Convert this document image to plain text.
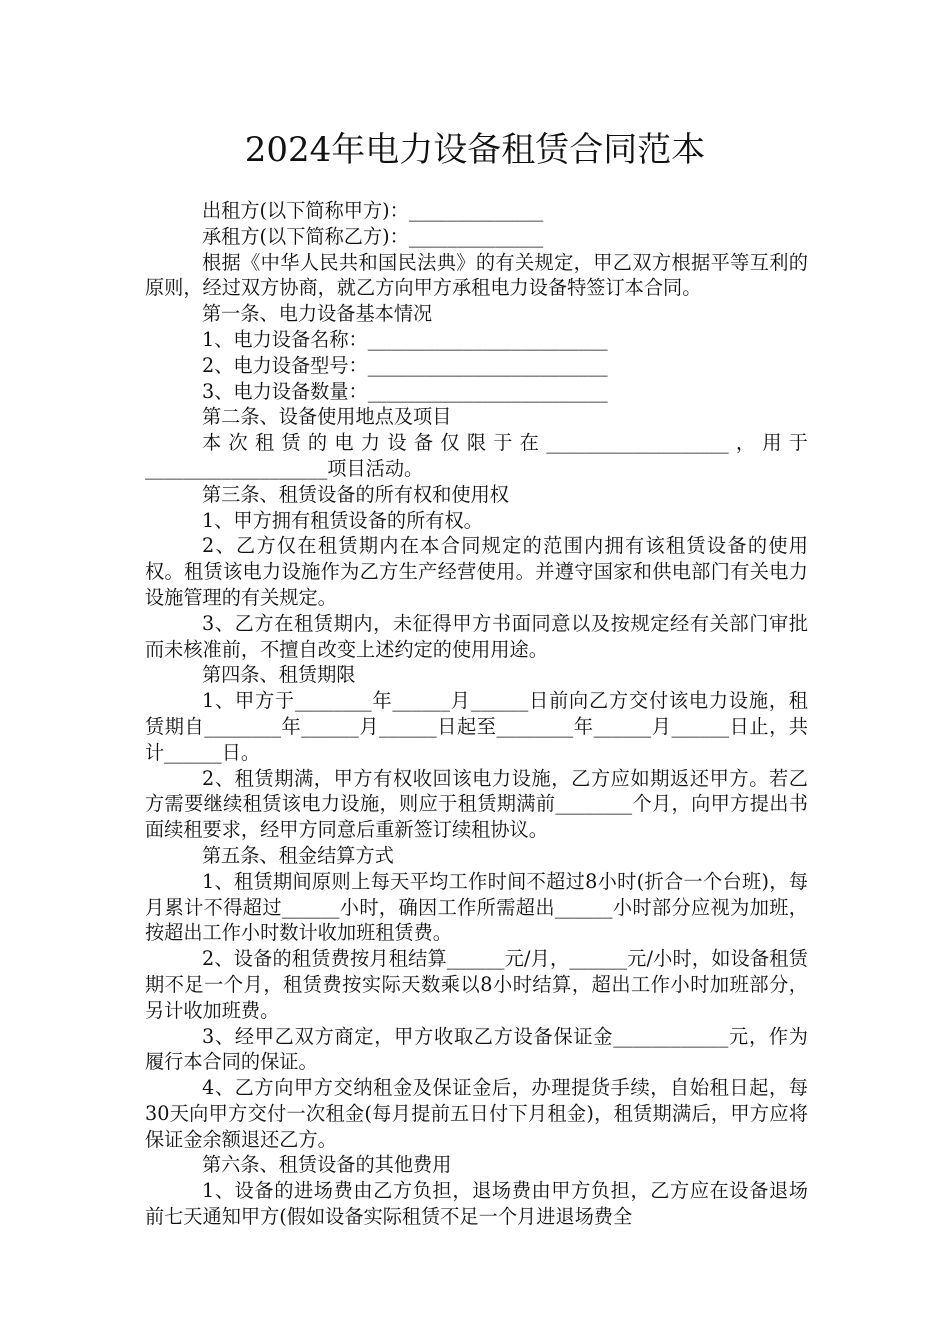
2024年电力设备租赁合同范本

出租方(以下简称甲方)：______________

承租方(以下简称乙方)：______________

根据《中华人民共和国民法典》的有关规定，甲乙双方根据平等互利的原则，经过双方协商，就乙方向甲方承租电力设备特签订本合同。

第一条、电力设备基本情况

1、电力设备名称：_________________________

2、电力设备型号：_________________________

3、电力设备数量：_________________________

第二条、设备使用地点及项目

本次租赁的电力设备仅限于在___________________，用于___________________项目活动。

第三条、租赁设备的所有权和使用权

1、甲方拥有租赁设备的所有权。

2、乙方仅在租赁期内在本合同规定的范围内拥有该租赁设备的使用权。租赁该电力设施作为乙方生产经营使用。并遵守国家和供电部门有关电力设施管理的有关规定。

3、乙方在租赁期内，未征得甲方书面同意以及按规定经有关部门审批而未核准前，不擅自改变上述约定的使用用途。

第四条、租赁期限

1、甲方于________年______月______日前向乙方交付该电力设施，租赁期自________年______月______日起至________年______月______日止，共计______日。

2、租赁期满，甲方有权收回该电力设施，乙方应如期返还甲方。若乙方需要继续租赁该电力设施，则应于租赁期满前________个月，向甲方提出书面续租要求，经甲方同意后重新签订续租协议。

第五条、租金结算方式

1、租赁期间原则上每天平均工作时间不超过8小时(折合一个台班)，每月累计不得超过______小时，确因工作所需超出______小时部分应视为加班，按超出工作小时数计收加班租赁费。

2、设备的租赁费按月租结算______元/月，______元/小时，如设备租赁期不足一个月，租赁费按实际天数乘以8小时结算，超出工作小时加班部分，另计收加班费。

3、经甲乙双方商定，甲方收取乙方设备保证金____________元，作为履行本合同的保证。

4、乙方向甲方交纳租金及保证金后，办理提货手续，自始租日起，每30天向甲方交付一次租金(每月提前五日付下月租金)，租赁期满后，甲方应将保证金余额退还乙方。

第六条、租赁设备的其他费用

1、设备的进场费由乙方负担，退场费由甲方负担，乙方应在设备退场前七天通知甲方(假如设备实际租赁不足一个月进退场费全
